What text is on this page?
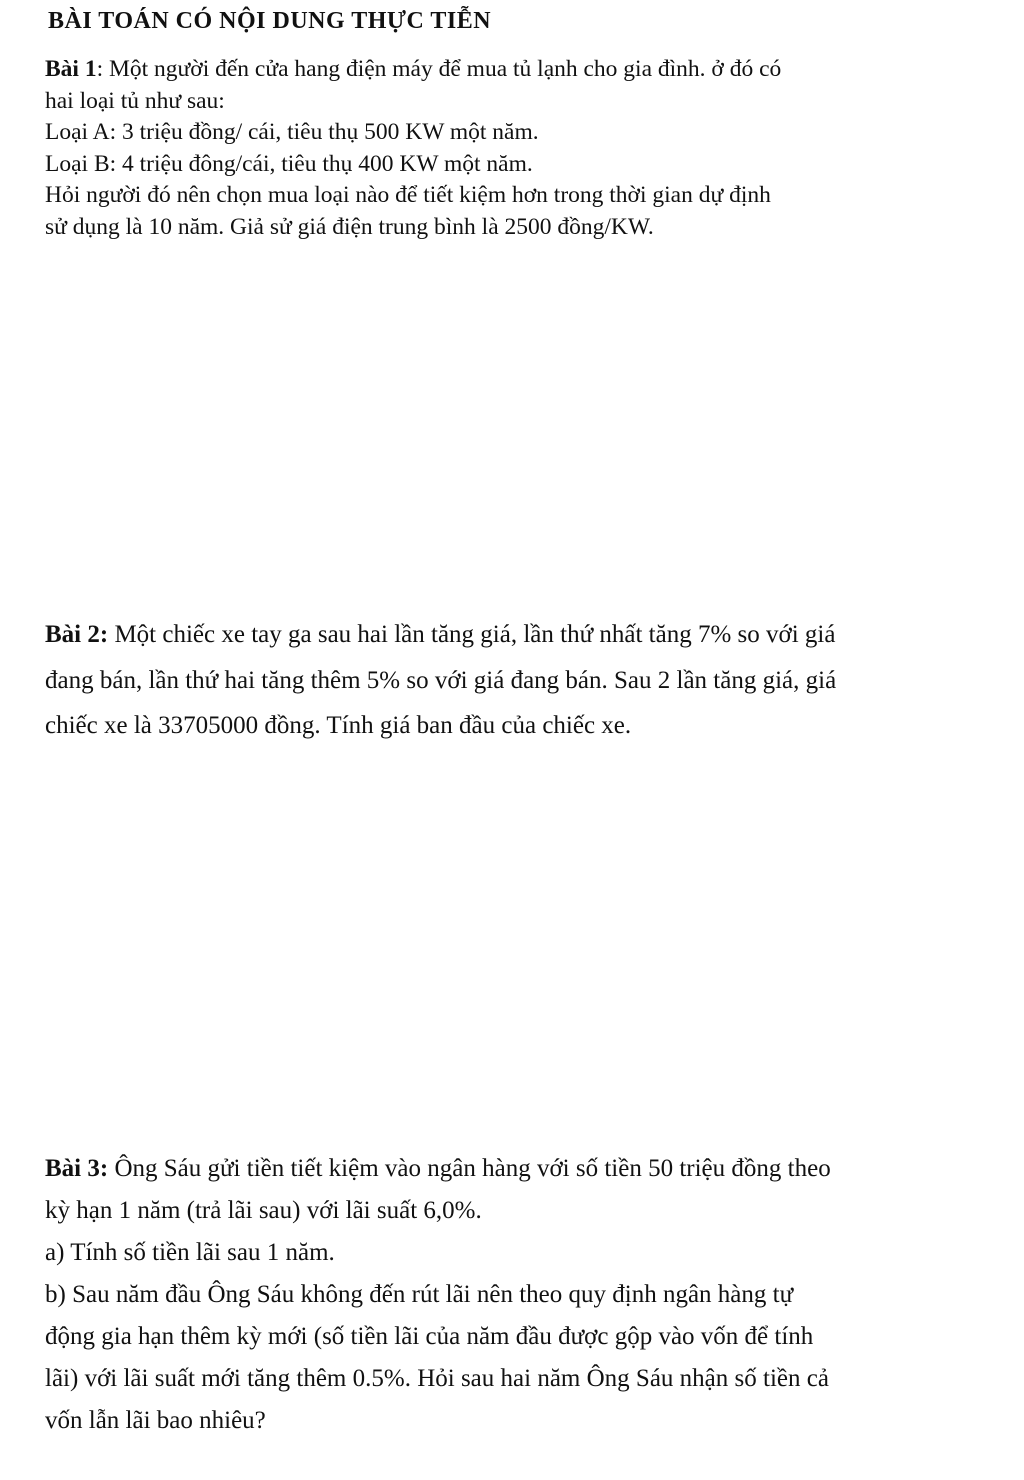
BÀI TOÁN CÓ NỘI DUNG THỰC TIỄN
Bài 1: Một người đến cửa hang điện máy để mua tủ lạnh cho gia đình. ở đó có
hai loại tủ như sau:
Loại A: 3 triệu đồng/ cái, tiêu thụ 500 KW một năm.
Loại B: 4 triệu đông/cái, tiêu thụ 400 KW một năm.
Hỏi người đó nên chọn mua loại nào để tiết kiệm hơn trong thời gian dự định
sử dụng là 10 năm. Giả sử giá điện trung bình là 2500 đồng/KW.
Bài 2: Một chiếc xe tay ga sau hai lần tăng giá, lần thứ nhất tăng 7% so với giá
đang bán, lần thứ hai tăng thêm 5% so với giá đang bán. Sau 2 lần tăng giá, giá
chiếc xe là 33705000 đồng. Tính giá ban đầu của chiếc xe.
Bài 3: Ông Sáu gửi tiền tiết kiệm vào ngân hàng với số tiền 50 triệu đồng theo
kỳ hạn 1 năm (trả lãi sau) với lãi suất 6,0%.
a) Tính số tiền lãi sau 1 năm.
b) Sau năm đầu Ông Sáu không đến rút lãi nên theo quy định ngân hàng tự
động gia hạn thêm kỳ mới (số tiền lãi của năm đầu được gộp vào vốn để tính
lãi) với lãi suất mới tăng thêm 0.5%. Hỏi sau hai năm Ông Sáu nhận số tiền cả
vốn lẫn lãi bao nhiêu?
